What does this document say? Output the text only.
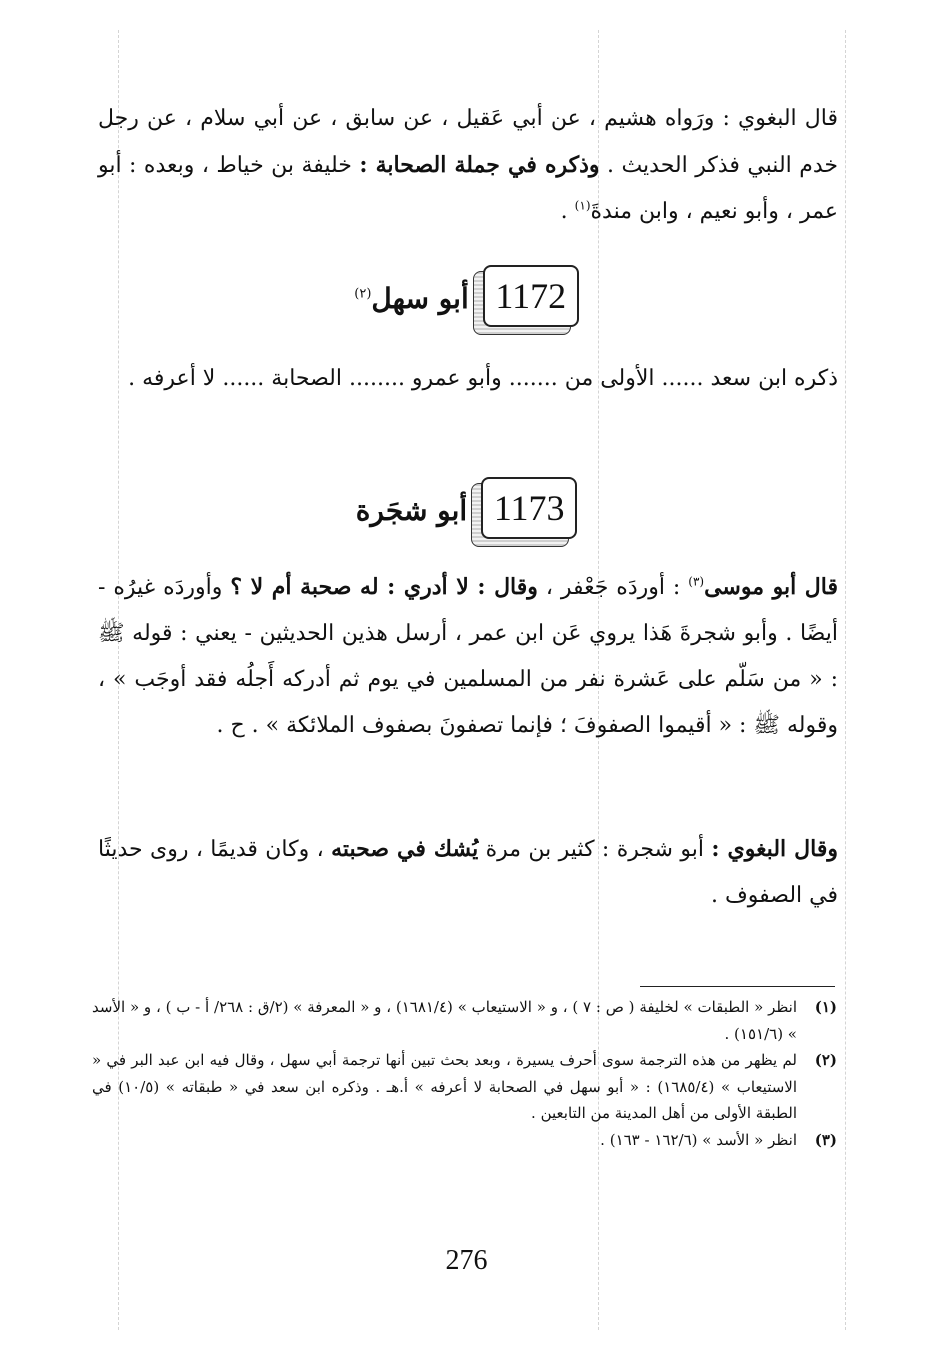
قال البغوي : ورَواه هشيم ، عن أبي عَقيل ، عن سابق ، عن أبي سلام ، عن رجل خدم النبي فذكر الحديث . وذكره في جملة الصحابة : خليفة بن خياط ، وبعده : أبو عمر ، وأبو نعيم ، وابن مندةَ$^{(١)}$ .

1172
أبو سهل$^{(٢)}$

ذكره ابن سعد ...... الأولى من ....... وأبو عمرو ........ الصحابة ...... لا أعرفه .

1173
أبو شجَرة

قال أبو موسى$^{(٣)}$ : أوردَه جَعْفر ، وقال : لا أدري : له صحبة أم لا ؟ وأوردَه غيرُه - أيضًا . وأبو شجرةَ هَذا يروي عَن ابن عمر ، أرسل هذين الحديثين - يعني : قوله ﷺ : « من سَلّم على عَشرة نفر من المسلمين في يوم ثم أدركه أَجلُه فقد أوجَب » ، وقوله ﷺ : « أقيموا الصفوفَ ؛ فإنما تصفونَ بصفوف الملائكة » . ح .

وقال البغوي : أبو شجرة : كثير بن مرة يُشك في صحبته ، وكان قديمًا ، روى حديثًا في الصفوف .

(١)
انظر « الطبقات » لخليفة ( ص : ٧ ) ، و « الاستيعاب » (١٦٨١/٤) ، و « المعرفة » (٢/ق : ٢٦٨/ أ - ب ) ، و « الأسد » (١٥١/٦) .
(٢)
لم يظهر من هذه الترجمة سوى أحرف يسيرة ، وبعد بحث تبين أنها ترجمة أبي سهل ، وقال فيه ابن عبد البر في « الاستيعاب » (١٦٨٥/٤) : « أبو سهل في الصحابة لا أعرفه » أ.هـ . وذكره ابن سعد في « طبقاته » (١٠/٥) في الطبقة الأولى من أهل المدينة من التابعين .
(٣)
انظر « الأسد » (١٦٢/٦ - ١٦٣) .
276
